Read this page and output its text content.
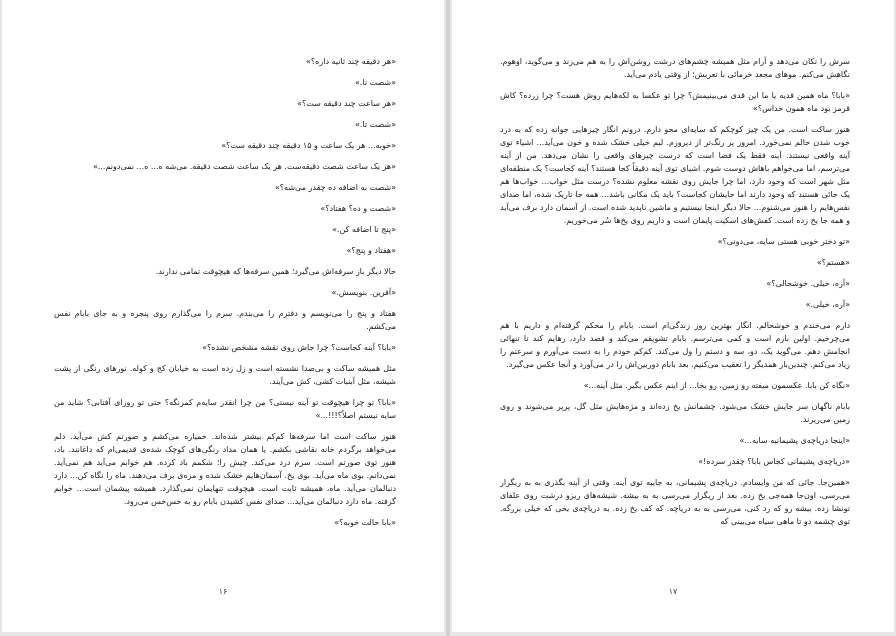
«هر دقیقه چند ثانیه داره؟»

«شصت تا.»

«هر ساعت چند دقیقه ست؟»

«شصت تا.»

«خوبه... هر یک ساعت و ۱۵ دقیقه چند دقیقه ست؟»

«هر یک ساعت شصت دقیقه‌ست. هر یک ساعت شصت دقیقه. می‌شه ه... ه... نمی‌دونم...»

«شصت به اضافه ده چقدر می‌شه؟»

«شصت و ده؟ هفتاد؟»

«پنج تا اضافه کن.»

«هفتاد و پنج؟»

حالا دیگر باز سرفه‌اش می‌گیرد؛ همین سرفه‌ها که هیچوقت تمامی ندارند.

«آفرین. بنویسش.»

هفتاد و پنج را می‌نویسم و دفترم را می‌بندم. سرم را می‌گذارم روی پنجره و به جای بابام نفس می‌کشم.

«بابا؟ آینه کجاست؟ چرا جاش روی نقشه مشخص نشده؟»

مثل همیشه ساکت و بی‌صدا نشسته است و زل زده است به خیابان کج و کوله. نورهای رنگی از پشت شیشه، مثل آبنبات کشی، کش می‌آیند.

«بابا؟ تو چرا هیچوقت تو آینه نیستی؟ من چرا انقدر سایه‌م کمرنگه؟ حتی تو روزای آفتابی؟ شاید من سایه نیستم اصلاً؟!!!...»

هنوز ساکت است اما سرفه‌ها کم‌کم بیشتر شده‌اند. خمیازه می‌کشم و صورتم کش می‌آید. دلم می‌خواهد برگردم خانه نقاشی بکشم. یا همان مداد رنگی‌های کوچک شده‌ی قدیمی‌ام که داغانند. باد، هنوز توی صورتم است. سرم درد می‌کند. چیش را؛ شکمم باد کرده. هم خوابم می‌آید هم نمی‌آید. نمی‌دانم. بوی ماه می‌آید. بوی یخ. آسمان‌هایم خشک شده و مزه‌ی برف می‌دهند. ماه را نگاه کن... دارد دنبالمان می‌آید. ماه، همیشه ثابت است. هیچوقت تنهایمان نمی‌گذارد. همیشه پیشمان است... خوابم گرفته. ماه دارد دنبالمان می‌آید... صدای نفس کشیدن بابام رو به خس‌خس می‌رود.

«بابا حالت خوبه؟»

۱۶

سرش را تکان می‌دهد و آرام مثل همیشه چشم‌های درشت روشن‌اش را به هم می‌زند و می‌گوید، اوهوم. نگاهش می‌کنم. موهای مجعد خرمائی با تعریش؛ از وقتی یادم می‌آید.

«بابا؟ ماه همین قدیه یا ما این قدی می‌بینیمش؟ چرا تو عکسا به لکه‌هایم روش هست؟ چرا زرده؟ کاش قرمز بود ماه همون خداس؟»

هنوز ساکت است. من یک چیز کوچکم که سایه‌ای محو دارم. درونم انگار چیزهایی جوانه زده که به درد خوب شدن حالم نمی‌خورد. امروز پر رنگ‌تر از دیروزم. لبم خیلی خشک شده و خون می‌آید... اشیاء توی آینه واقعی نیستند. آینه فقط یک فضا است که درست چیزهای واقعی را نشان می‌دهد. من از آینه می‌ترسم، اما می‌خواهم باهاش دوست شوم. اشیای توی آینه دقیقاً کجا هستند؟ آینه کجاست؟ یک منطقه‌ای مثل شهر است که وجود دارد، اما چرا جایش روی نقشه معلوم نشده؟ درست مثل خواب... خواب‌ها هم یک جائی هستند که وجود دارند اما جایشان کجاست؟ باید یک مکانی باشد... همه جا تاریک شده، اما صدای نفس‌هایم را هنوز می‌شنوم... حالا دیگر اینجا نیستیم و ماشین ناپدید شده است. از آسمان دارد برف می‌آید و همه جا یخ زده است. کفش‌های اسکیت پایمان است و داریم روی یخ‌ها سُر می‌خوریم.

«تو دختر خوبی هستی سایه، می‌دونی؟»

«هستم؟»

«آره، خیلی. خوشحالی؟»

«آره، خیلی.»

دارم می‌خندم و خوشحالم. انگار بهترین روز زندگی‌ام است. بابام را محکم گرفته‌ام و داریم با هم می‌چرخیم. اولین بارم است و کمی می‌ترسم. بابام تشویقم می‌کند و قصد دارد، رهایم کند تا تنهائی انجامش دهم. می‌گوید یک، دو، سه و دستم را ول می‌کند. کم‌کم خودم را به دست می‌آورم و سرعتم را زیاد می‌کنم. چندین‌بار همدیگر را تعقیب می‌کنیم. بعد بابام دوربین‌اش را در می‌آورد و آنجا عکس می‌گیرد.

«نگاه کن بابا. عکسمون میفته رو زمین، رو یخا... از اینم عکس بگیر. مثل آینه...»

بابام ناگهان سر جایش خشک می‌شود. چشمانش یخ زده‌اند و مژه‌هایش مثل گل، پرپر می‌شوند و روی زمین می‌ریزند.

«اینجا دریاچه‌ی پشیمانیه سایه...»

«دریاچه‌ی پشیمانی کجاس بابا؟ چقدر سرده!»

«همین‌جا. جائی که من وایسادم. دریاچه‌ی پشیمانی، به جاییه توی آینه. وقتی از آینه بگذری به به ریگزار می‌رسی، اون‌جا همه‌جی یخ زده. بعد از ریگزار می‌رسی به به بیشه. شیشه‌های ریزو درشت روی علفای تونشا زده. بیشه رو که رد کنی، می‌رسی به به دریاچه. که کف یخ زده. یه دریاچه‌ی یخی که خیلی بزرگه. توی چشمه دو تا ماهی سیاه می‌بینی که

۱۷
